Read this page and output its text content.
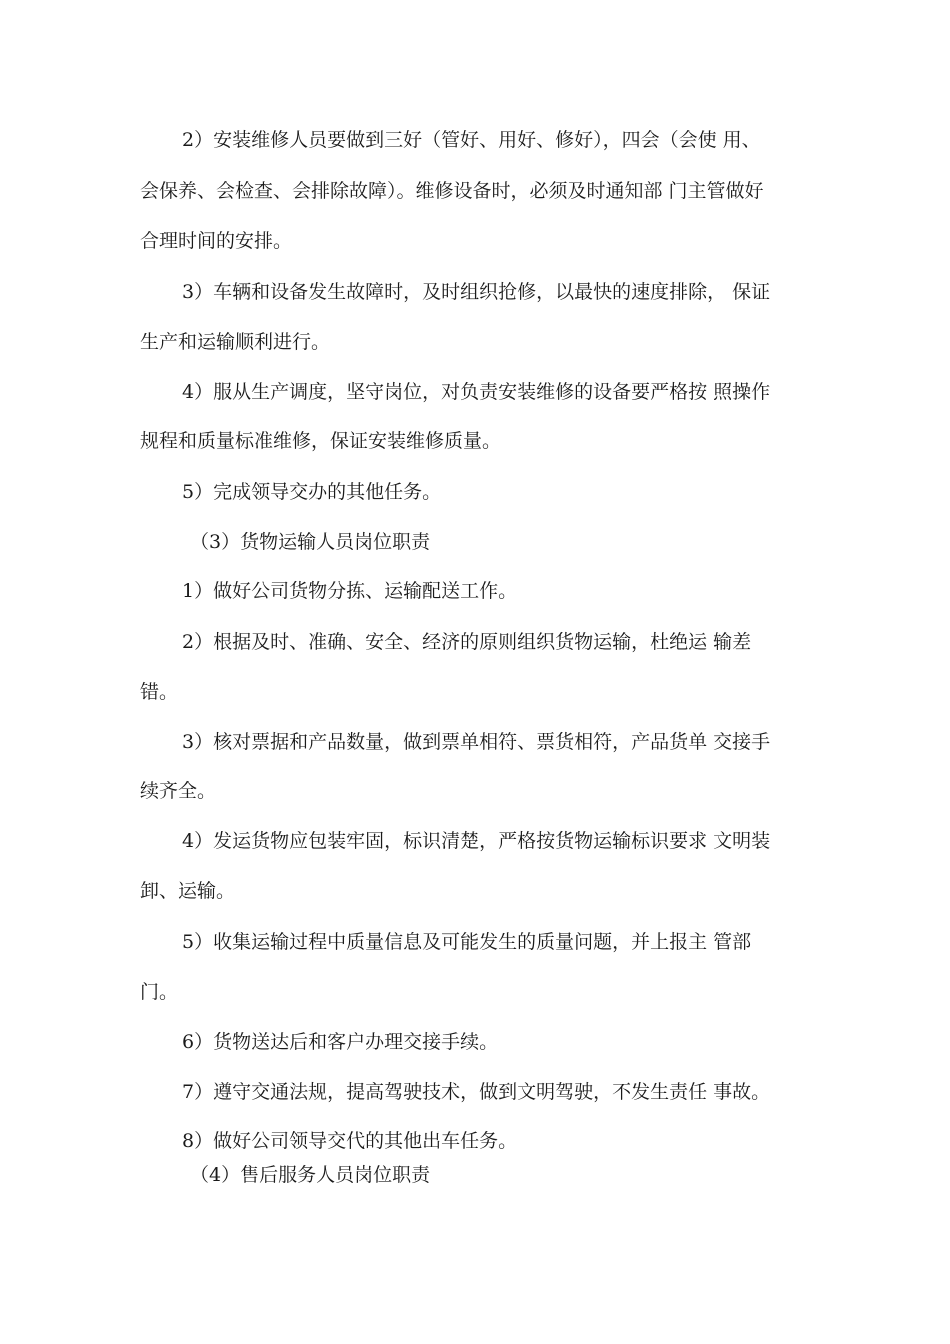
2）安装维修人员要做到三好（管好、用好、修好），四会（会使 用、
会保养、会检查、会排除故障）。维修设备时，必须及时通知部 门主管做好
合理时间的安排。
3）车辆和设备发生故障时，及时组织抢修，以最快的速度排除， 保证
生产和运输顺利进行。
4）服从生产调度，坚守岗位，对负责安装维修的设备要严格按 照操作
规程和质量标准维修，保证安装维修质量。
5）完成领导交办的其他任务。
（3）货物运输人员岗位职责
1）做好公司货物分拣、运输配送工作。
2）根据及时、准确、安全、经济的原则组织货物运输，杜绝运 输差
错。
3）核对票据和产品数量，做到票单相符、票货相符，产品货单 交接手
续齐全。
4）发运货物应包装牢固，标识清楚，严格按货物运输标识要求 文明装
卸、运输。
5）收集运输过程中质量信息及可能发生的质量问题，并上报主 管部
门。
6）货物送达后和客户办理交接手续。
7）遵守交通法规，提高驾驶技术，做到文明驾驶，不发生责任 事故。
8）做好公司领导交代的其他出车任务。
（4）售后服务人员岗位职责
